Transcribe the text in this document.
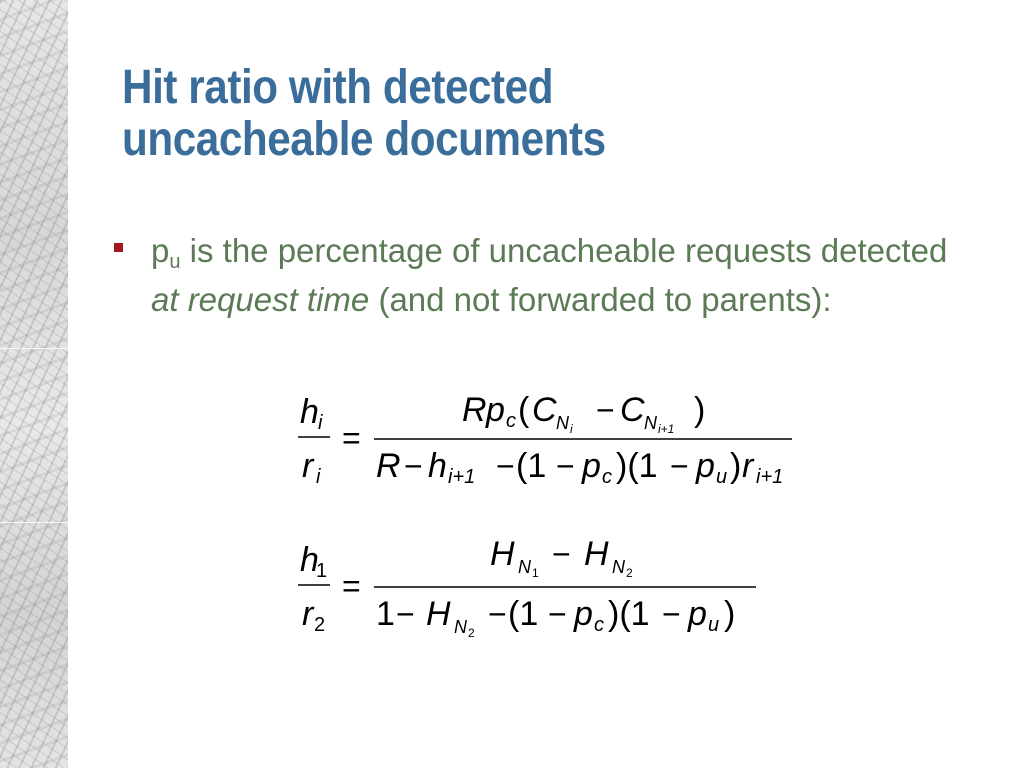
Hit ratio with detected
uncacheable documents
$p_u$ is the percentage of uncacheable requests detected at request time (and not forwarded to parents):
h i
r i
=
R p c ( C N i
− C N i+1 )
R − h i+1 − (1 − p c )(1 − p u ) r i+1
h
1
r 2
=
H N 1
− H N 2
1 − H N 2
− (1 − p c )(1 − p u )
